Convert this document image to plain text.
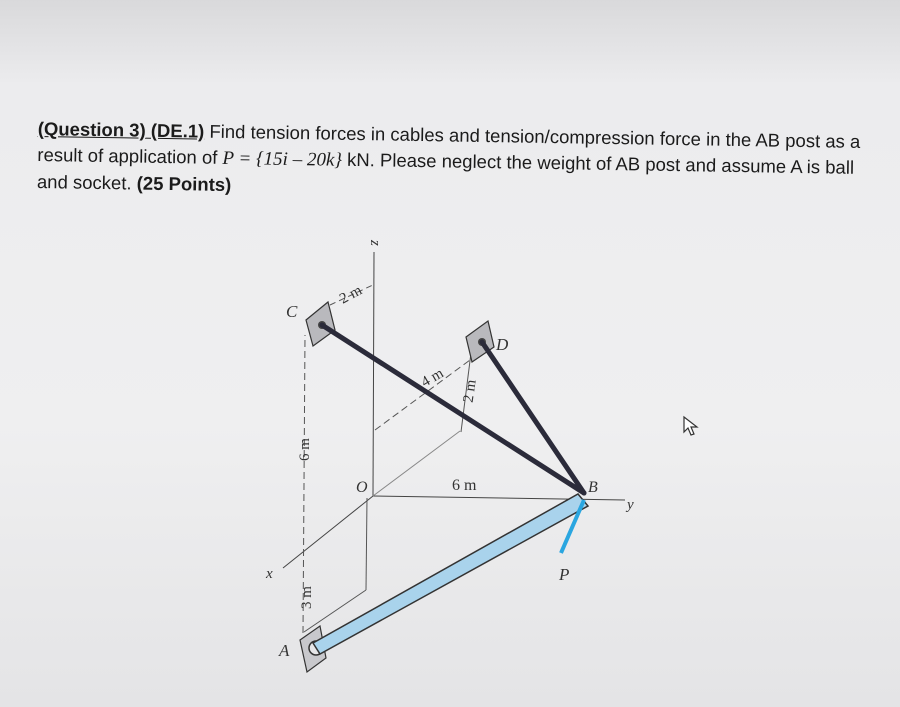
(Question 3) (DE.1) Find tension forces in cables and tension/compression force in the AB post as a result of application of P = {15i – 20k} kN. Please neglect the weight of AB post and assume A is ball and socket. (25 Points)
z
x
y
C
D
O	B
A
P
2 m
4 m
2 m
6 m
6 m
3 m
